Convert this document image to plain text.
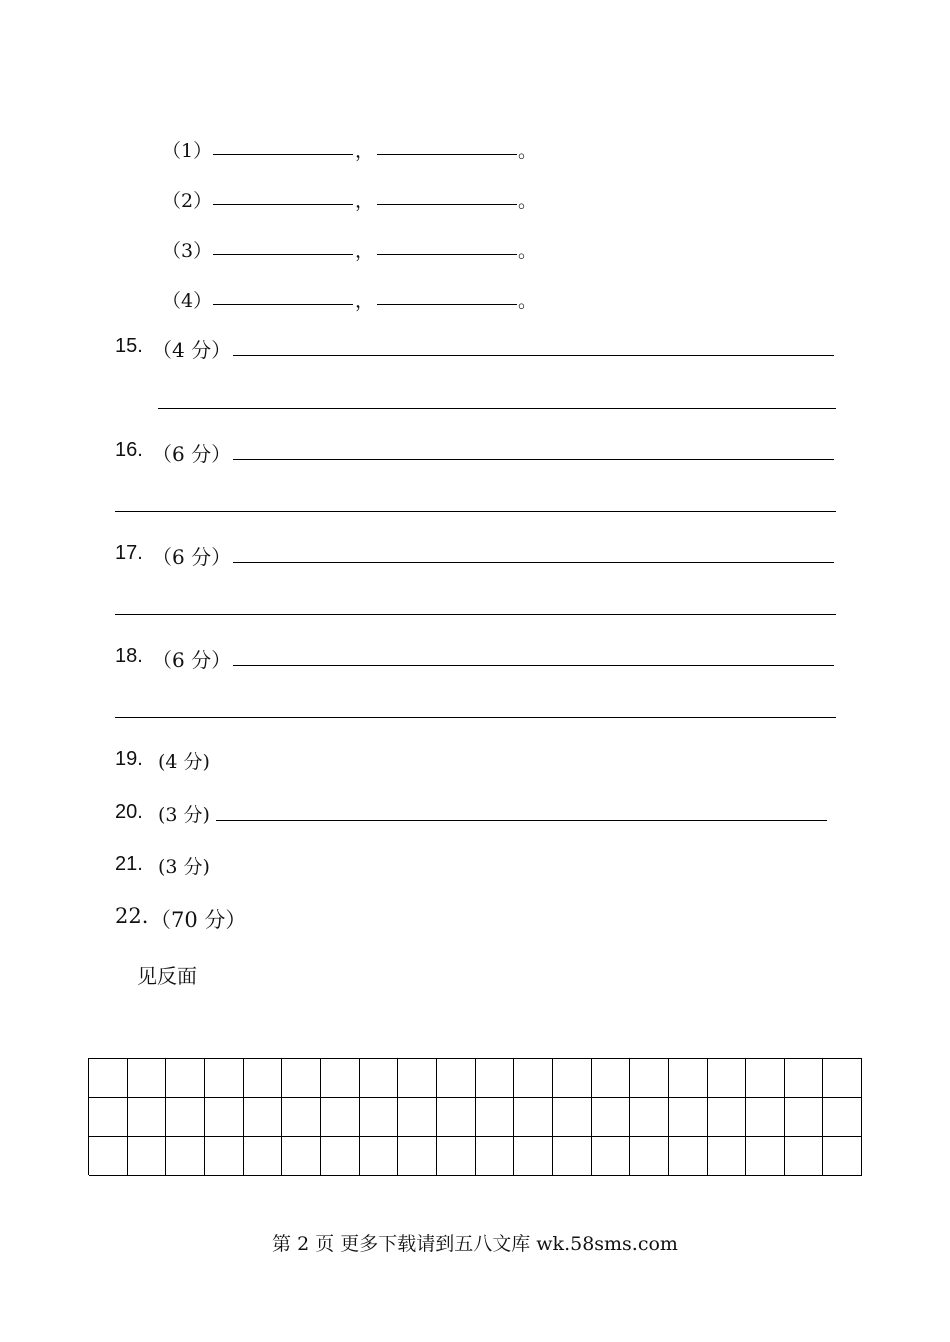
（1）	，	。
（2）	，	。
（3）	，	。
（4）	，	。
15. （4 分）
16. （6 分）
17. （6 分）
18. （6 分）
19. (4 分)
20. (3 分)
21. (3 分)
22. （70 分）
见反面
第 2 页 更多下载请到五八文库 wk.58sms.com
